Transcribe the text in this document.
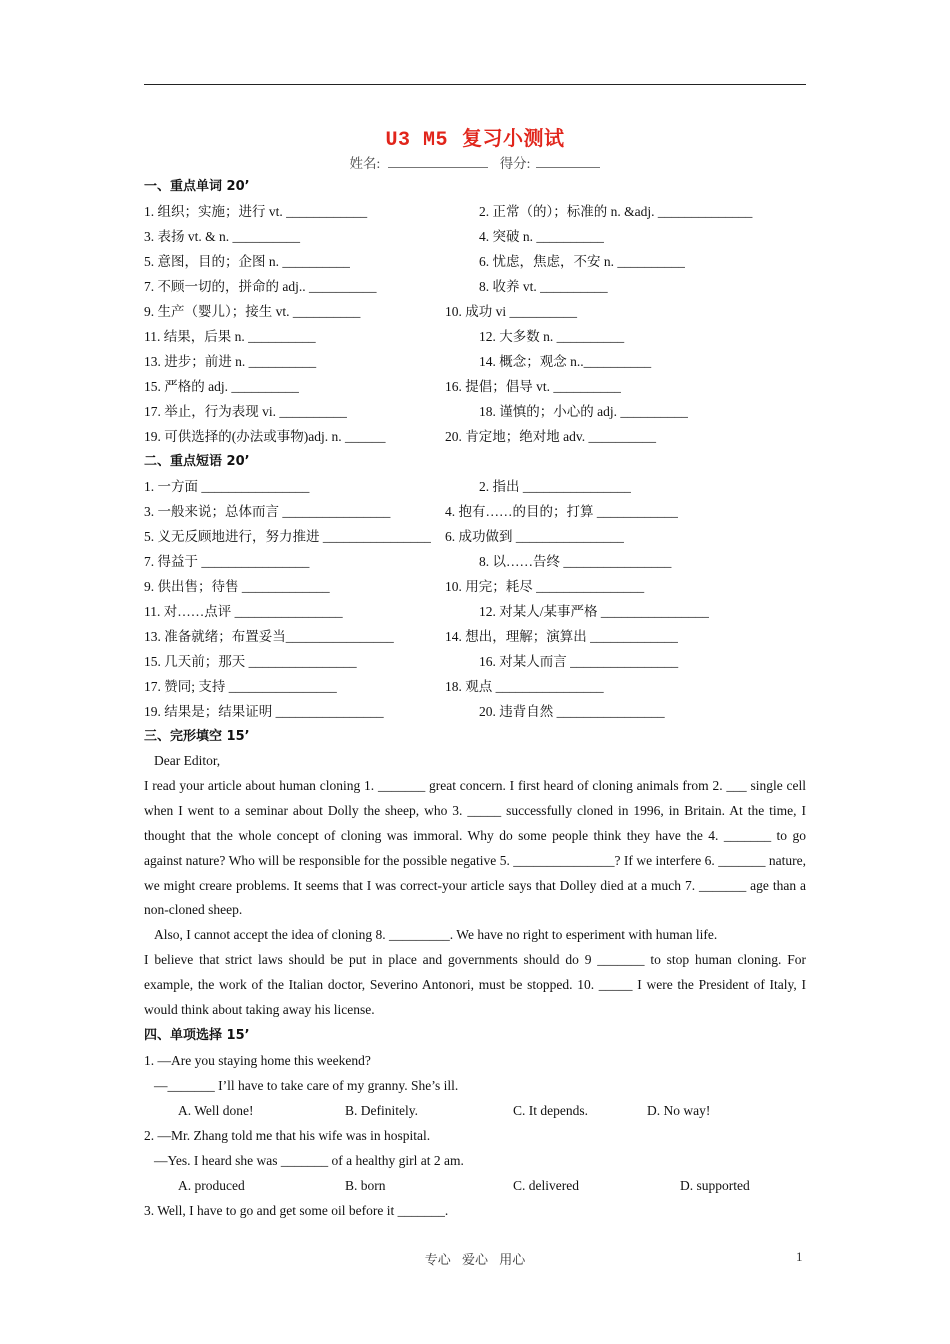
U3 M5 复习小测试
姓名:	得分:
一、重点单词 20’
1. 组织；实施；进行 vt. ____________	2. 正常（的）；标准的 n. &adj. ______________
3. 表扬 vt. & n. __________	4. 突破 n. __________
5. 意图，目的；企图 n. __________	6. 忧虑，焦虑，不安 n. __________
7. 不顾一切的，拼命的 adj.. __________	8. 收养 vt. __________
9. 生产（婴儿）；接生 vt. __________	10. 成功 vi __________
11. 结果，后果 n. __________	12. 大多数 n. __________
13. 进步；前进 n. __________	14. 概念；观念 n..__________
15. 严格的 adj. __________	16. 提倡；倡导 vt. __________
17. 举止，行为表现 vi. __________	18. 谨慎的；小心的 adj. __________
19. 可供选择的(办法或事物)adj. n. ______	20. 肯定地；绝对地 adv. __________
二、重点短语 20’
1. 一方面 ________________	2. 指出 ________________
3. 一般来说；总体而言 ________________	4. 抱有……的目的；打算 ____________
5. 义无反顾地进行，努力推进 ________________ 6. 成功做到 ________________
7. 得益于 ________________	8. 以……告终 ________________
9. 供出售；待售 _____________	10. 用完；耗尽 ________________
11. 对……点评 ________________	12. 对某人/某事严格 ________________
13. 准备就绪；布置妥当________________	14. 想出，理解；演算出 _____________
15. 几天前；那天 ________________	16. 对某人而言 ________________
17. 赞同; 支持 ________________	18. 观点 ________________
19. 结果是；结果证明 ________________	20. 违背自然 ________________
三、完形填空 15’

Dear Editor,

I read your article about human cloning 1. _______ great concern. I first heard of cloning animals from 2. ___ single cell when I went to a seminar about Dolly the sheep, who 3. _____ successfully cloned in 1996, in Britain. At the time, I thought that the whole concept of cloning was immoral. Why do some people think they have the 4. _______ to go against nature? Who will be responsible for the possible negative 5. _______________? If we interfere 6. _______ nature, we might creare problems. It seems that I was correct-your article says that Dolley died at a much 7. _______ age than a non-cloned sheep.

Also, I cannot accept the idea of cloning 8. _________. We have no right to esperiment with human life.

I believe that strict laws should be put in place and governments should do 9 _______ to stop human cloning. For example, the work of the Italian doctor, Severino Antonori, must be stopped. 10. _____ I were the President of Italy, I would think about taking away his license.

四、单项选择 15’
1. —Are you staying home this weekend?
—_______ I’ll have to take care of my granny. She’s ill.
A. Well done!	B. Definitely.	C. It depends.	D. No way!
2. —Mr. Zhang told me that his wife was in hospital.
—Yes. I heard she was _______ of a healthy girl at 2 am.
A. produced	B. born	C. delivered	D. supported
3. Well, I have to go and get some oil before it _______.
专心 爱心 用心	1
